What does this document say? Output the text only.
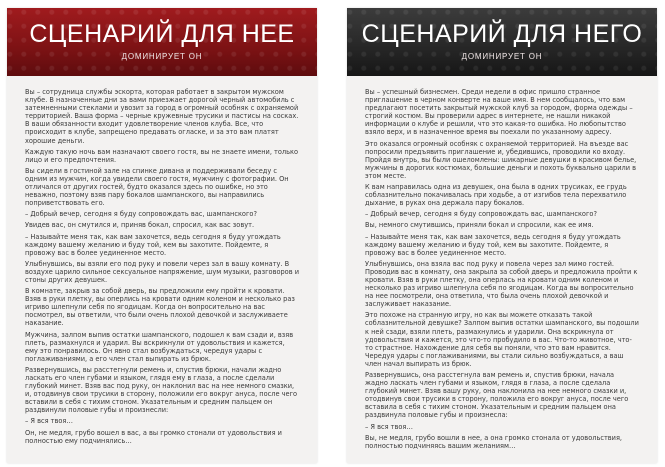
СЦЕНАРИЙ ДЛЯ НЕЕ
ДОМИНИРУЕТ ОН

Вы – сотрудница службы эскорта, которая работает в закрытом мужском клубе. В назначенные дни за вами приезжает дорогой черный автомобиль с затемненными стеклами и увозит за город в огромный особняк с охраняемой территорией. Ваша форма – черные кружевные трусики и пастисы на сосках. В ваши обязанности входит удовлетворение членов клуба. Все, что происходит в клубе, запрещено предавать огласке, и за это вам платят хорошие деньги.

Каждую такую ночь вам назначают своего гостя, вы не знаете имени, только лицо и его предпочтения.

Вы сидели в гостиной зале на спинке дивана и поддерживали беседу с одним из мужчин, когда увидели своего гостя, мужчину с фотографии. Он отличался от других гостей, будто оказался здесь по ошибке, но это неважно, поэтому взяв пару бокалов шампанского, вы направились поприветствовать его.

– Добрый вечер, сегодня я буду сопровождать вас, шампанского?

Увидев вас, он смутился и, приняв бокал, спросил, как вас зовут.

– Называйте меня так, как вам захочется, ведь сегодня я буду угождать каждому вашему желанию и буду той, кем вы захотите. Пойдемте, я провожу вас в более уединенное место.

Улыбнувшись, вы взяли его под руку и повели через зал в вашу комнату. В воздухе царило сильное сексуальное напряжение, шум музыки, разговоров и стоны других девушек.

В комнате, закрыв за собой дверь, вы предложили ему пройти к кровати. Взяв в руки плетку, вы оперлись на кровати одним коленом и несколько раз игриво шлепнули себя по ягодицам. Когда он вопросительно на вас посмотрел, вы ответили, что были очень плохой девочкой и заслуживаете наказание.

Мужчина, залпом выпив остатки шампанского, подошел к вам сзади и, взяв плеть, размахнулся и ударил. Вы вскрикнули от удовольствия и кажется, ему это понравилось. Он явно стал возбуждаться, чередуя удары с поглаживаниями, а его член стал выпирать из брюк.

Развернувшись, вы расстегнули ремень и, спустив брюки, начали жадно ласкать его член губами и языком, глядя ему в глаза, а после сделали глубокий минет. Взяв вас под руку, он наклонил вас на нее немного смазки, и, отодвинув свои трусики в сторону, положили его вокруг ануса, после чего вставили в себя с тихим стоном. Указательным и средним пальцем он раздвинули половые губы и произнесли:

– Я вся твоя…

Он, не медля, грубо вошел в вас, а вы громко стонали от удовольствия и полностью ему подчинялись…

СЦЕНАРИЙ ДЛЯ НЕГО
ДОМИНИРУЕТ ОН

Вы – успешный бизнесмен. Среди недели в офис пришло странное приглашение в черном конверте на ваше имя. В нем сообщалось, что вам предлагают посетить закрытый мужской клуб за городом, форма одежды – строгий костюм. Вы проверили адрес в интернете, не нашли никакой информации о клубе и решили, что это какая-то ошибка. Но любопытство взяло верх, и в назначенное время вы поехали по указанному адресу.

Это оказался огромный особняк с охраняемой территорией. На въезде вас попросили предъявить приглашение и, убедившись, проводили ко входу. Пройдя внутрь, вы были ошеломлены: шикарные девушки в красивом белье, мужчины в дорогих костюмах, большие деньги и похоть буквально царили в этом месте.

К вам направилась одна из девушек, она была в одних трусиках, ее грудь соблазнительно покачивалась при ходьбе, а от изгибов тела перехватило дыхание, в руках она держала пару бокалов.

– Добрый вечер, сегодня я буду сопровождать вас, шампанского?

Вы, немного смутившись, приняли бокал и спросили, как ее имя.

– Называйте меня так, как вам захочется, ведь сегодня я буду угождать каждому вашему желанию и буду той, кем вы захотите. Пойдемте, я провожу вас в более уединенное место.

Улыбнувшись, она взяла вас под руку и повела через зал мимо гостей. Проводив вас в комнату, она закрыла за собой дверь и предложила пройти к кровати. Взяв в руки плетку, она оперлась на кровати одним коленом и несколько раз игриво шлепнула себя по ягодицам. Когда вы вопросительно на нее посмотрели, она ответила, что была очень плохой девочкой и заслуживает наказание.

Это похоже на странную игру, но как вы можете отказать такой соблазнительной девушке? Залпом выпив остатки шампанского, вы подошли к ней сзади, взяли плеть, размахнулись и ударили. Она вскрикнула от удовольствия и кажется, это что-то пробудило в вас. Что-то животное, что-то страстное. Нахождение для себя вы поняли, что это вам нравится. Чередуя удары с поглаживаниями, вы стали сильно возбуждаться, а ваш член начал выпирать из брюк.

Развернувшись, она расстегнула вам ремень и, спустив брюки, начала жадно ласкать член губами и языком, глядя в глаза, а после сделала глубокий минет. Взяв вашу руку, она наклонила на нее немного смазки и, отодвинув свои трусики в сторону, положила его вокруг ануса, после чего вставила в себя с тихим стоном. Указательным и средним пальцем она раздвинула половые губы и произнесла:

– Я вся твоя…

Вы, не медля, грубо вошли в нее, а она громко стонала от удовольствия, полностью подчиняясь вашим желаниям…
